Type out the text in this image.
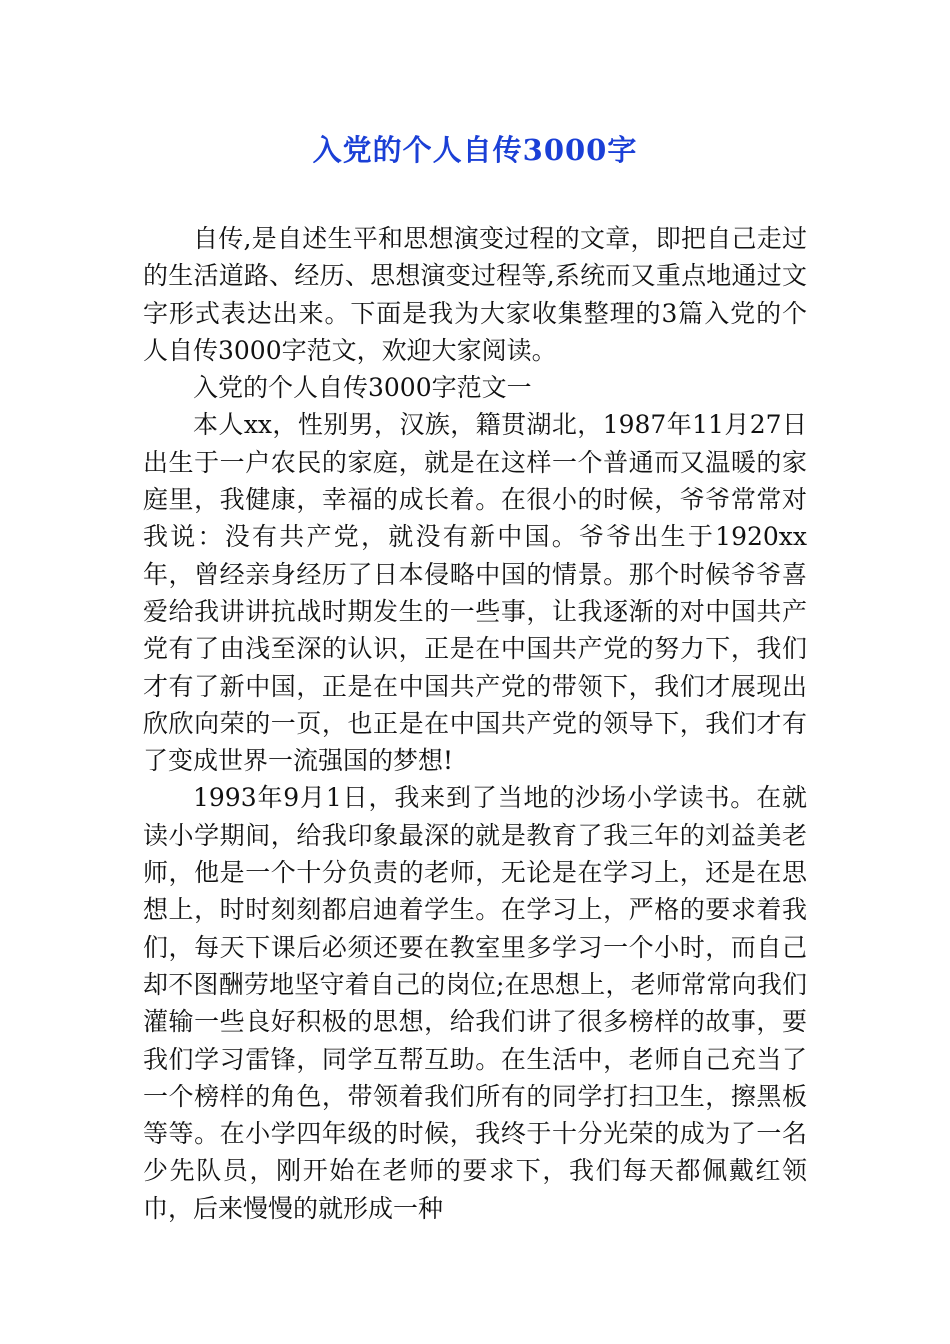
入党的个人自传3000字

自传,是自述生平和思想演变过程的文章，即把自己走过的生活道路、经历、思想演变过程等,系统而又重点地通过文字形式表达出来。下面是我为大家收集整理的3篇入党的个人自传3000字范文，欢迎大家阅读。

入党的个人自传3000字范文一

本人xx，性别男，汉族，籍贯湖北，1987年11月27日出生于一户农民的家庭，就是在这样一个普通而又温暖的家庭里，我健康，幸福的成长着。在很小的时候，爷爷常常对我说：没有共产党，就没有新中国。爷爷出生于1920xx年，曾经亲身经历了日本侵略中国的情景。那个时候爷爷喜爱给我讲讲抗战时期发生的一些事，让我逐渐的对中国共产党有了由浅至深的认识，正是在中国共产党的努力下，我们才有了新中国，正是在中国共产党的带领下，我们才展现出欣欣向荣的一页，也正是在中国共产党的领导下，我们才有了变成世界一流强国的梦想!

1993年9月1日，我来到了当地的沙场小学读书。在就读小学期间，给我印象最深的就是教育了我三年的刘益美老师，他是一个十分负责的老师，无论是在学习上，还是在思想上，时时刻刻都启迪着学生。在学习上，严格的要求着我们，每天下课后必须还要在教室里多学习一个小时，而自己却不图酬劳地坚守着自己的岗位;在思想上，老师常常向我们灌输一些良好积极的思想，给我们讲了很多榜样的故事，要我们学习雷锋，同学互帮互助。在生活中，老师自己充当了一个榜样的角色，带领着我们所有的同学打扫卫生，擦黑板等等。在小学四年级的时候，我终于十分光荣的成为了一名少先队员，刚开始在老师的要求下，我们每天都佩戴红领巾，后来慢慢的就形成一种
